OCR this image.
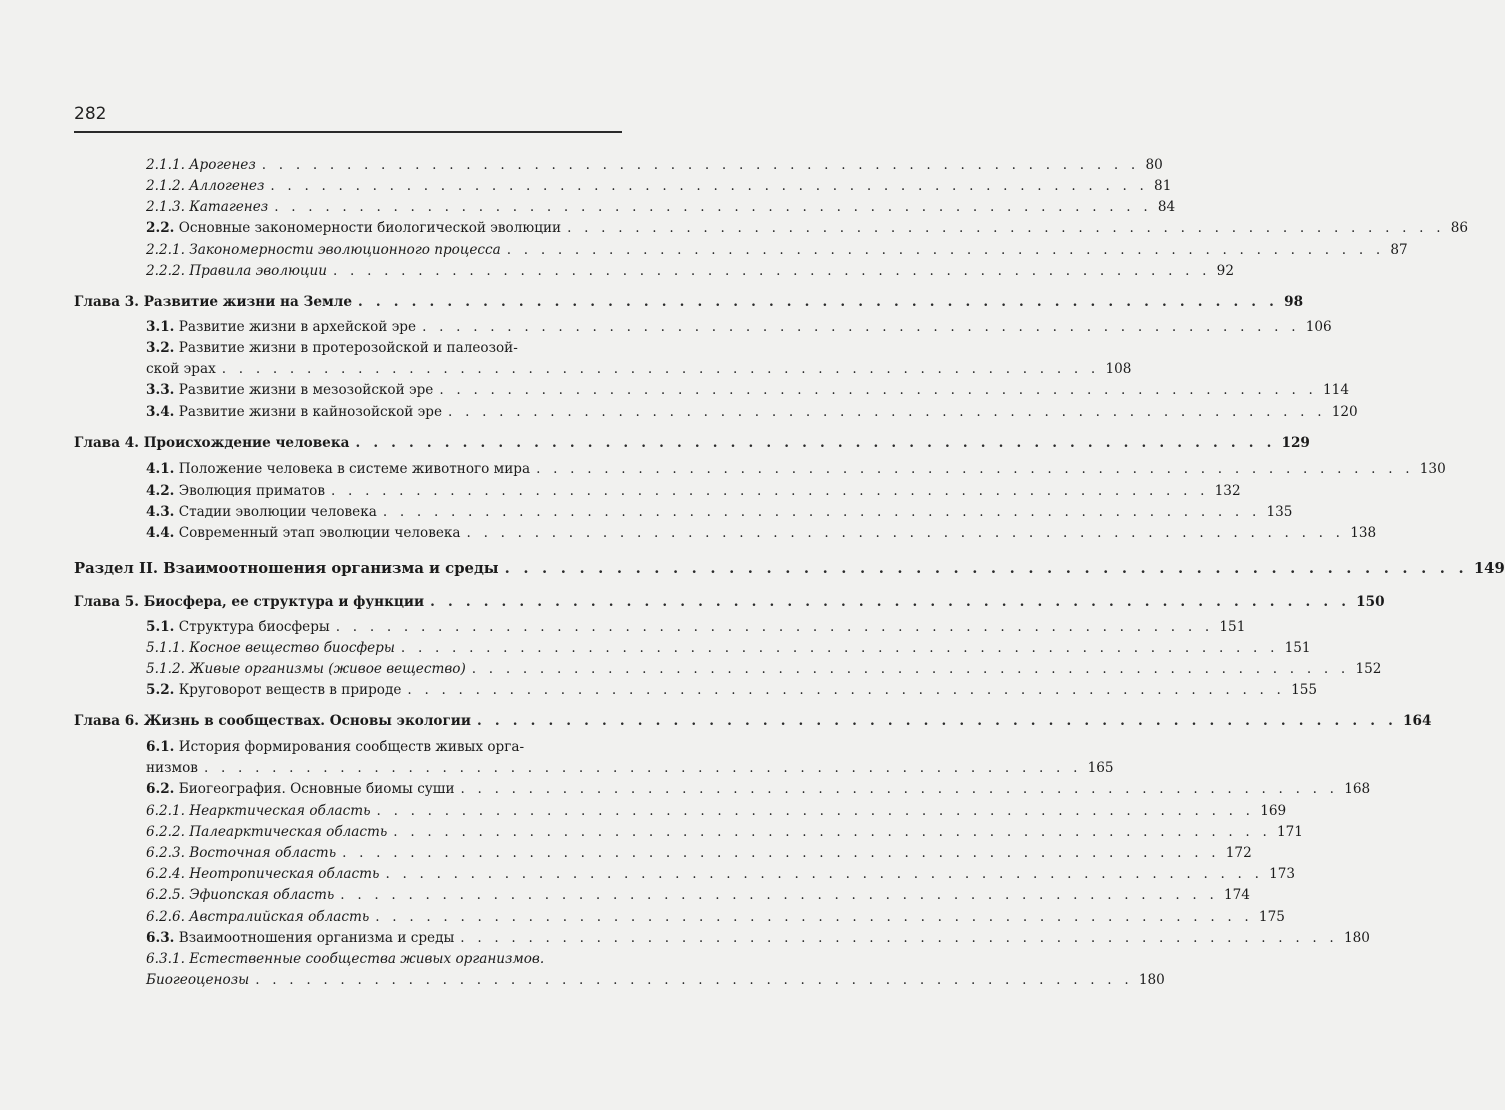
282
2.1.1. Арогенез . . . . . . . . . . . . . . . . . . . . . . . . . . . . . . . . . . . . . . . . . . . . . . . . . . . . 80
2.1.2. Аллогенез . . . . . . . . . . . . . . . . . . . . . . . . . . . . . . . . . . . . . . . . . . . . . . . . . . . . 81
2.1.3. Катагенез . . . . . . . . . . . . . . . . . . . . . . . . . . . . . . . . . . . . . . . . . . . . . . . . . . . . 84
2.2. Основные закономерности биологической эволюции . . . . . . . . . . . . . . . . . . . . . . . . . . . . . . . . . . . . . . . . . . . . . . . . . . . . 86
2.2.1. Закономерности эволюционного процесса . . . . . . . . . . . . . . . . . . . . . . . . . . . . . . . . . . . . . . . . . . . . . . . . . . . . 87
2.2.2. Правила эволюции . . . . . . . . . . . . . . . . . . . . . . . . . . . . . . . . . . . . . . . . . . . . . . . . . . . . 92
Глава 3. Развитие жизни на Земле . . . . . . . . . . . . . . . . . . . . . . . . . . . . . . . . . . . . . . . . . . . . . . . . . . . . 98
3.1. Развитие жизни в архейской эре . . . . . . . . . . . . . . . . . . . . . . . . . . . . . . . . . . . . . . . . . . . . . . . . . . . . 106
3.2. Развитие жизни в протерозойской и палеозой-
ской эрах . . . . . . . . . . . . . . . . . . . . . . . . . . . . . . . . . . . . . . . . . . . . . . . . . . . . 108
3.3. Развитие жизни в мезозойской эре . . . . . . . . . . . . . . . . . . . . . . . . . . . . . . . . . . . . . . . . . . . . . . . . . . . . 114
3.4. Развитие жизни в кайнозойской эре . . . . . . . . . . . . . . . . . . . . . . . . . . . . . . . . . . . . . . . . . . . . . . . . . . . . 120
Глава 4. Происхождение человека . . . . . . . . . . . . . . . . . . . . . . . . . . . . . . . . . . . . . . . . . . . . . . . . . . . . 129
4.1. Положение человека в системе животного мира . . . . . . . . . . . . . . . . . . . . . . . . . . . . . . . . . . . . . . . . . . . . . . . . . . . . 130
4.2. Эволюция приматов . . . . . . . . . . . . . . . . . . . . . . . . . . . . . . . . . . . . . . . . . . . . . . . . . . . . 132
4.3. Стадии эволюции человека . . . . . . . . . . . . . . . . . . . . . . . . . . . . . . . . . . . . . . . . . . . . . . . . . . . . 135
4.4. Современный этап эволюции человека . . . . . . . . . . . . . . . . . . . . . . . . . . . . . . . . . . . . . . . . . . . . . . . . . . . . 138
Раздел II. Взаимоотношения организма и среды . . . . . . . . . . . . . . . . . . . . . . . . . . . . . . . . . . . . . . . . . . . . . . . . . . . . 149
Глава 5. Биосфера, ее структура и функции . . . . . . . . . . . . . . . . . . . . . . . . . . . . . . . . . . . . . . . . . . . . . . . . . . . . 150
5.1. Структура биосферы . . . . . . . . . . . . . . . . . . . . . . . . . . . . . . . . . . . . . . . . . . . . . . . . . . . . 151
5.1.1. Косное вещество биосферы . . . . . . . . . . . . . . . . . . . . . . . . . . . . . . . . . . . . . . . . . . . . . . . . . . . . 151
5.1.2. Живые организмы (живое вещество) . . . . . . . . . . . . . . . . . . . . . . . . . . . . . . . . . . . . . . . . . . . . . . . . . . . . 152
5.2. Круговорот веществ в природе . . . . . . . . . . . . . . . . . . . . . . . . . . . . . . . . . . . . . . . . . . . . . . . . . . . . 155
Глава 6. Жизнь в сообществах. Основы экологии . . . . . . . . . . . . . . . . . . . . . . . . . . . . . . . . . . . . . . . . . . . . . . . . . . . . 164
6.1. История формирования сообществ живых орга-
низмов . . . . . . . . . . . . . . . . . . . . . . . . . . . . . . . . . . . . . . . . . . . . . . . . . . . . 165
6.2. Биогеография. Основные биомы суши . . . . . . . . . . . . . . . . . . . . . . . . . . . . . . . . . . . . . . . . . . . . . . . . . . . . 168
6.2.1. Неарктическая область . . . . . . . . . . . . . . . . . . . . . . . . . . . . . . . . . . . . . . . . . . . . . . . . . . . . 169
6.2.2. Палеарктическая область . . . . . . . . . . . . . . . . . . . . . . . . . . . . . . . . . . . . . . . . . . . . . . . . . . . . 171
6.2.3. Восточная область . . . . . . . . . . . . . . . . . . . . . . . . . . . . . . . . . . . . . . . . . . . . . . . . . . . . 172
6.2.4. Неотропическая область . . . . . . . . . . . . . . . . . . . . . . . . . . . . . . . . . . . . . . . . . . . . . . . . . . . . 173
6.2.5. Эфиопская область . . . . . . . . . . . . . . . . . . . . . . . . . . . . . . . . . . . . . . . . . . . . . . . . . . . . 174
6.2.6. Австралийская область . . . . . . . . . . . . . . . . . . . . . . . . . . . . . . . . . . . . . . . . . . . . . . . . . . . . 175
6.3. Взаимоотношения организма и среды . . . . . . . . . . . . . . . . . . . . . . . . . . . . . . . . . . . . . . . . . . . . . . . . . . . . 180
6.3.1. Естественные сообщества живых организмов.
Биогеоценозы . . . . . . . . . . . . . . . . . . . . . . . . . . . . . . . . . . . . . . . . . . . . . . . . . . . . 180
